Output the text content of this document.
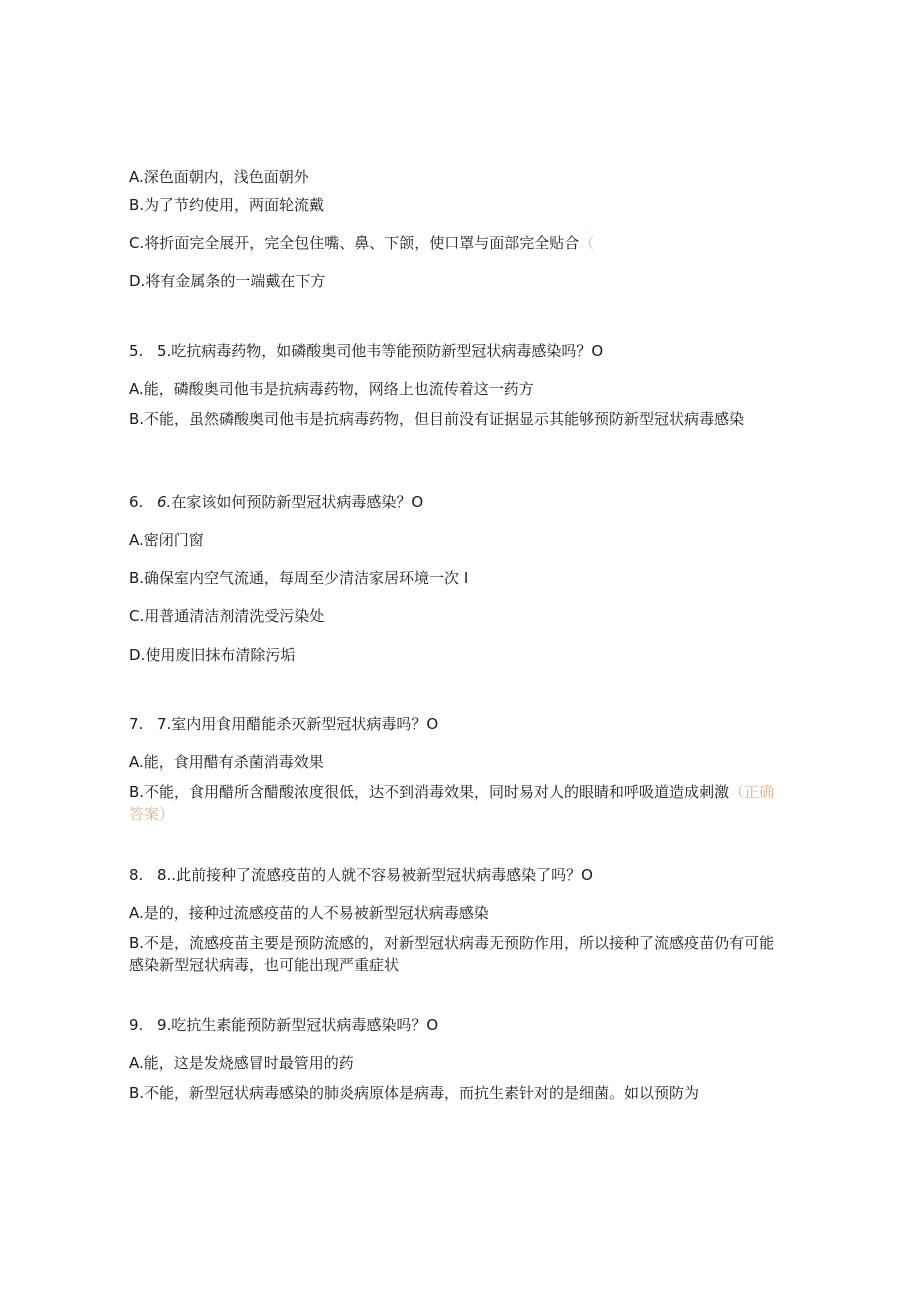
A.深色面朝内，浅色面朝外
B.为了节约使用，两面轮流戴
C.将折面完全展开，完全包住嘴、鼻、下颌，使口罩与面部完全贴合（
D.将有金属条的一端戴在下方
5. 5.吃抗病毒药物，如磷酸奥司他韦等能预防新型冠状病毒感染吗？O
A.能，磷酸奥司他韦是抗病毒药物，网络上也流传着这一药方
B.不能，虽然磷酸奥司他韦是抗病毒药物，但目前没有证据显示其能够预防新型冠状病毒感染
6. 6.在家该如何预防新型冠状病毒感染？O
A.密闭门窗
B.确保室内空气流通，每周至少清洁家居环境一次 I
C.用普通清洁剂清洗受污染处
D.使用废旧抹布清除污垢
7. 7.室内用食用醋能杀灭新型冠状病毒吗？O
A.能，食用醋有杀菌消毒效果
B.不能，食用醋所含醋酸浓度很低，达不到消毒效果，同时易对人的眼睛和呼吸道造成刺激（正确答案）
8. 8..此前接种了流感疫苗的人就不容易被新型冠状病毒感染了吗？O
A.是的，接种过流感疫苗的人不易被新型冠状病毒感染
B.不是，流感疫苗主要是预防流感的，对新型冠状病毒无预防作用，所以接种了流感疫苗仍有可能感染新型冠状病毒，也可能出现严重症状
9. 9.吃抗生素能预防新型冠状病毒感染吗？O
A.能，这是发烧感冒时最管用的药
B.不能，新型冠状病毒感染的肺炎病原体是病毒，而抗生素针对的是细菌。如以预防为
